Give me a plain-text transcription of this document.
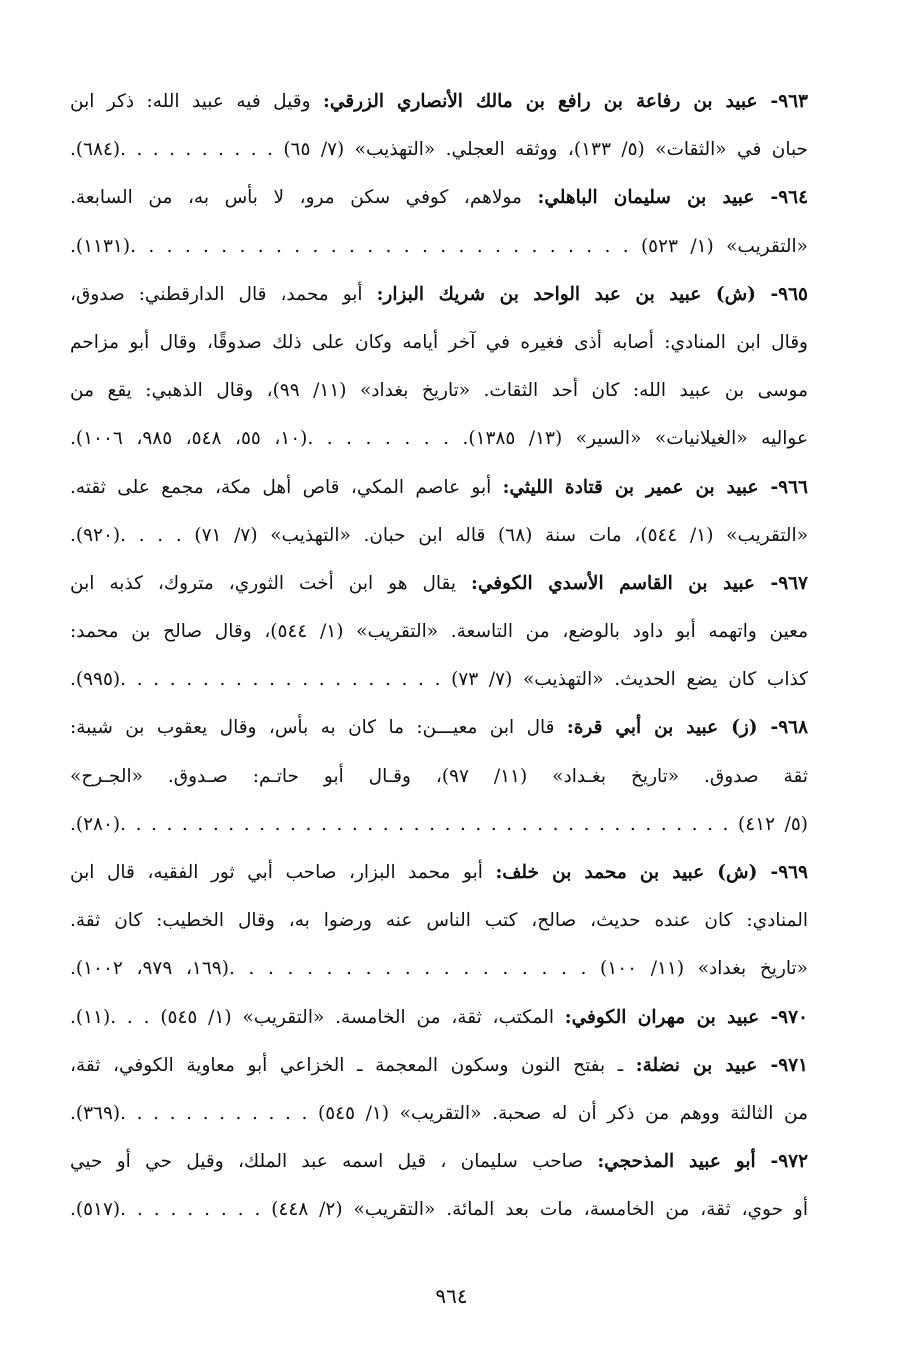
٩٦٣- عبيد بن رفاعة بن رافع بن مالك الأنصاري الزرقي: وقيل فيه عبيد الله: ذكر ابن
حبان في «الثقات» (٥/ ١٣٣)، ووثقه العجلي. «التهذيب» (٧/ ٦٥) . . . . . . . . . .(٦٨٤).
٩٦٤- عبيد بن سليمان الباهلي: مولاهم، كوفي سكن مرو، لا بأس به، من السابعة.
«التقريب» (١/ ٥٢٣) . . . . . . . . . . . . . . . . . . . . . . . . . . . .(١١٣١).
٩٦٥- (ش) عبيد بن عبد الواحد بن شريك البزار: أبو محمد، قال الدارقطني: صدوق،
وقال ابن المنادي: أصابه أذى فغيره في آخر أيامه وكان على ذلك صدوقًا، وقال أبو مزاحم
موسى بن عبيد الله: كان أحد الثقات. «تاريخ بغداد» (١١/ ٩٩)، وقال الذهبي: يقع من
عواليه «الغيلانيات» «السير» (١٣/ ١٣٨٥). . . . . . . . .(١٠، ٥٥، ٥٤٨، ٩٨٥، ١٠٠٦).
٩٦٦- عبيد بن عمير بن قتادة الليثي: أبو عاصم المكي، قاص أهل مكة، مجمع على ثقته.
«التقريب» (١/ ٥٤٤)، مات سنة (٦٨) قاله ابن حبان. «التهذيب» (٧/ ٧١) . . . .(٩٢٠).
٩٦٧- عبيد بن القاسم الأسدي الكوفي: يقال هو ابن أخت الثوري، متروك، كذبه ابن
معين واتهمه أبو داود بالوضع، من التاسعة. «التقريب» (١/ ٥٤٤)، وقال صالح بن محمد:
كذاب كان يضع الحديث. «التهذيب» (٧/ ٧٣) . . . . . . . . . . . . . . . . . . . .(٩٩٥).
٩٦٨- (ز) عبيد بن أبي قرة: قال ابن معيـــن: ما كان به بأس، وقال يعقوب بن شيبة:
ثقة صدوق. «تاريخ بغـداد» (١١/ ٩٧)، وقـال أبو حاتـم: صـدوق. «الجـرح»
(٥/ ٤١٢) . . . . . . . . . . . . . . . . . . . . . . . . . . . . . . . . . . . . . . . .(٢٨٠).
٩٦٩- (ش) عبيد بن محمد بن خلف: أبو محمد البزار، صاحب أبي ثور الفقيه، قال ابن
المنادي: كان عنده حديث، صالح، كتب الناس عنه ورضوا به، وقال الخطيب: كان ثقة.
«تاريخ بغداد» (١١/ ١٠٠) . . . . . . . . . . . . . . . . . . .(١٦٩، ٩٧٩، ١٠٠٢).
٩٧٠- عبيد بن مهران الكوفي: المكتب، ثقة، من الخامسة. «التقريب» (١/ ٥٤٥) . . .(١١).
٩٧١- عبيد بن نضلة: ـ بفتح النون وسكون المعجمة ـ الخزاعي أبو معاوية الكوفي، ثقة،
من الثالثة ووهم من ذكر أن له صحبة. «التقريب» (١/ ٥٤٥) . . . . . . . . . . . .(٣٦٩).
٩٧٢- أبو عبيد المذحجي: صاحب سليمان ، قيل اسمه عبد الملك، وقيل حي أو حيي
أو حوي، ثقة، من الخامسة، مات بعد المائة. «التقريب» (٢/ ٤٤٨) . . . . . . . . .(٥١٧).
٩٦٤
